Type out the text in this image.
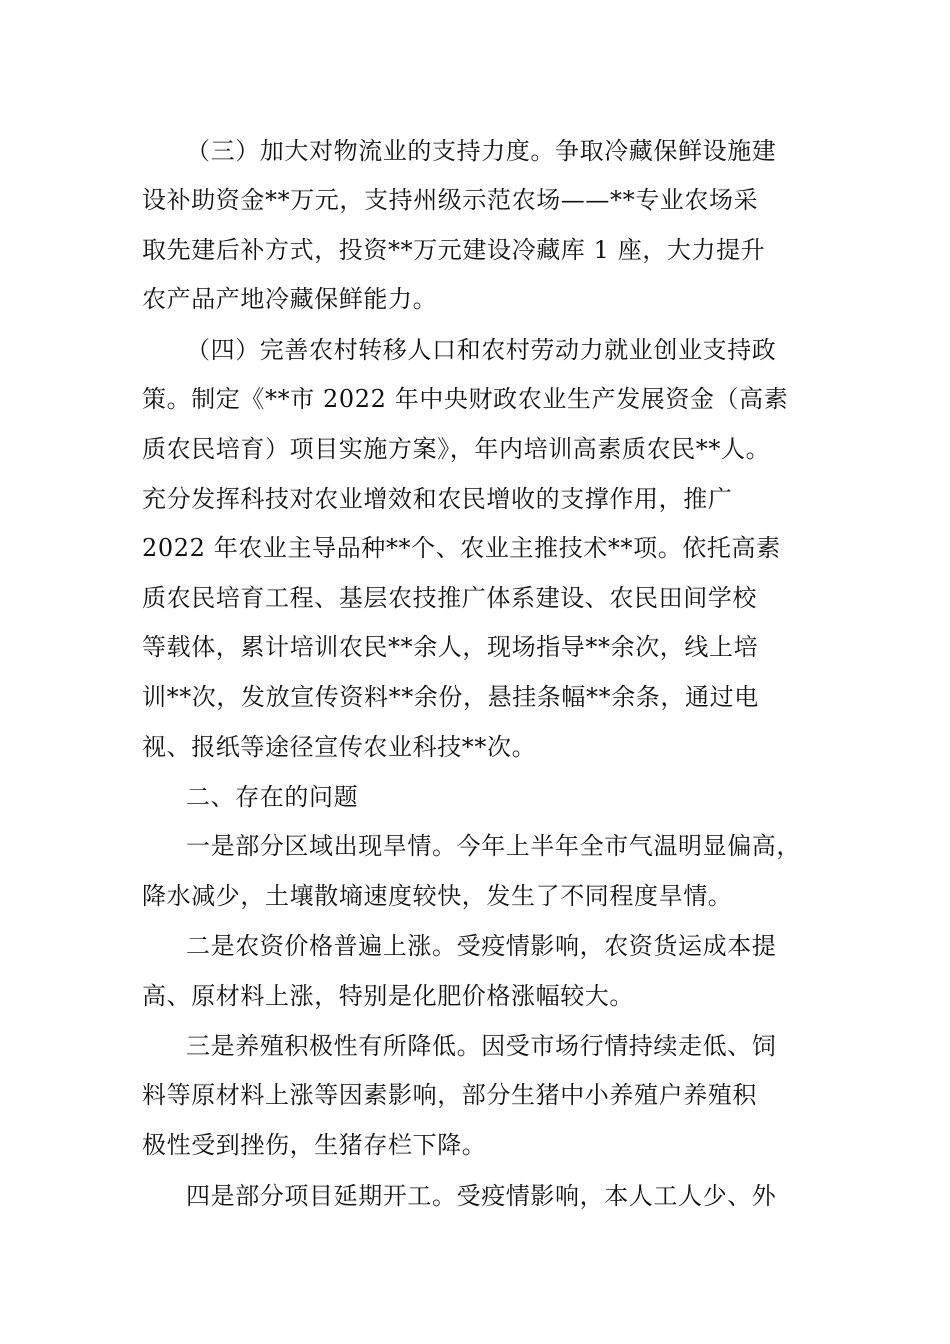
（三）加大对物流业的支持力度。争取冷藏保鲜设施建
设补助资金**万元，支持州级示范农场——**专业农场采
取先建后补方式，投资**万元建设冷藏库 1 座，大力提升
农产品产地冷藏保鲜能力。
（四）完善农村转移人口和农村劳动力就业创业支持政
策。制定《**市 2022 年中央财政农业生产发展资金（高素
质农民培育）项目实施方案》，年内培训高素质农民**人。
充分发挥科技对农业增效和农民增收的支撑作用，推广
2022 年农业主导品种**个、农业主推技术**项。依托高素
质农民培育工程、基层农技推广体系建设、农民田间学校
等载体，累计培训农民**余人，现场指导**余次，线上培
训**次，发放宣传资料**余份，悬挂条幅**余条，通过电
视、报纸等途径宣传农业科技**次。
二、存在的问题
一是部分区域出现旱情。今年上半年全市气温明显偏高，
降水减少，土壤散墒速度较快，发生了不同程度旱情。
二是农资价格普遍上涨。受疫情影响，农资货运成本提
高、原材料上涨，特别是化肥价格涨幅较大。
三是养殖积极性有所降低。因受市场行情持续走低、饲
料等原材料上涨等因素影响，部分生猪中小养殖户养殖积
极性受到挫伤，生猪存栏下降。
四是部分项目延期开工。受疫情影响，本人工人少、外
